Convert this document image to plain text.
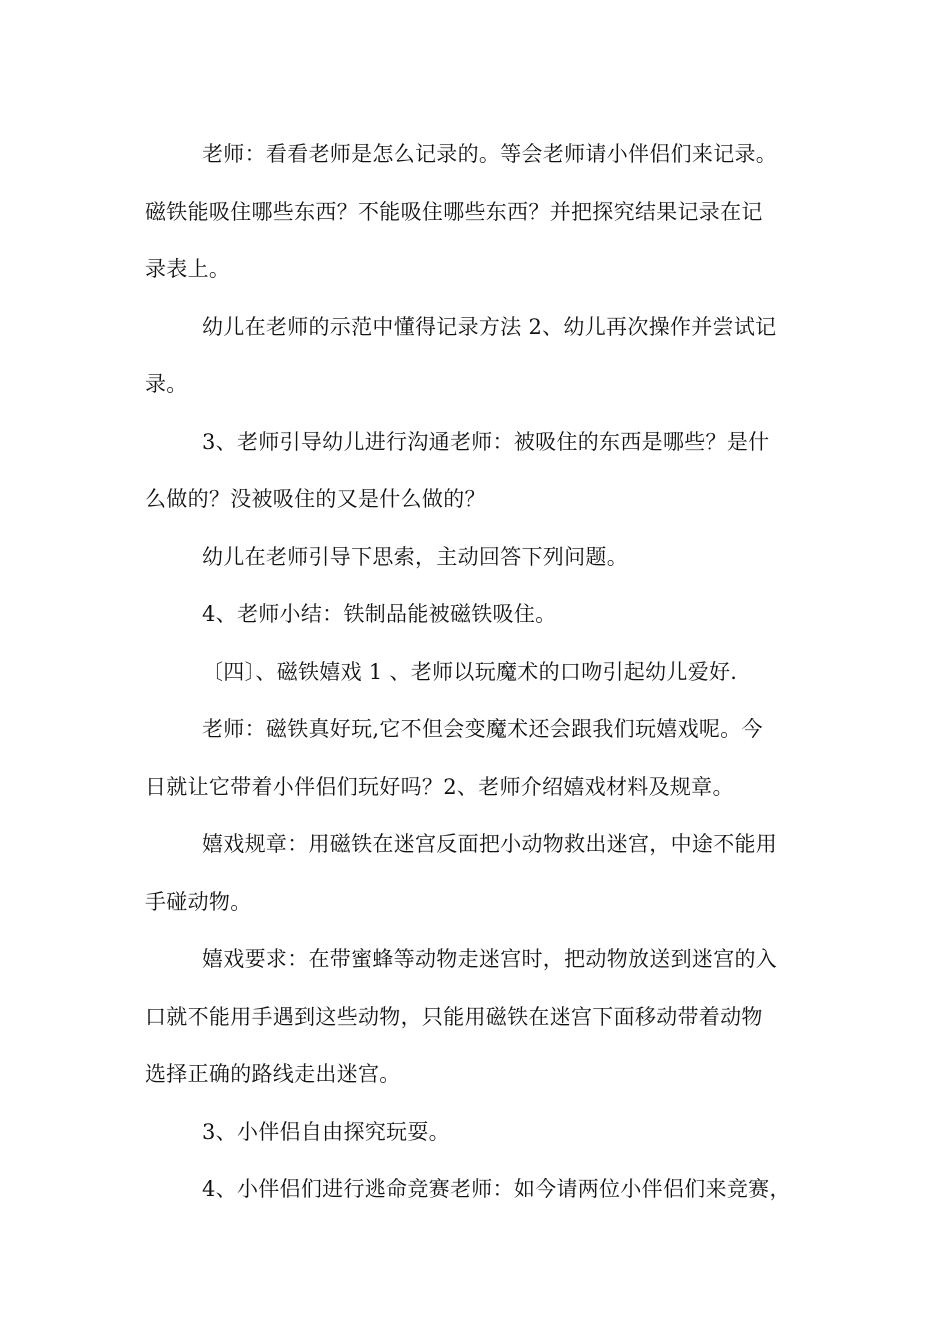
老师：看看老师是怎么记录的。等会老师请小伴侣们来记录。
磁铁能吸住哪些东西？不能吸住哪些东西？并把探究结果记录在记
录表上。
幼儿在老师的示范中懂得记录方法 2、幼儿再次操作并尝试记
录。
3、老师引导幼儿进行沟通老师：被吸住的东西是哪些？是什
么做的？没被吸住的又是什么做的？
幼儿在老师引导下思索，主动回答下列问题。
4、老师小结：铁制品能被磁铁吸住。
〔四〕、磁铁嬉戏 1 、老师以玩魔术的口吻引起幼儿爱好.
老师：磁铁真好玩,它不但会变魔术还会跟我们玩嬉戏呢。今
日就让它带着小伴侣们玩好吗？2、老师介绍嬉戏材料及规章。
嬉戏规章：用磁铁在迷宫反面把小动物救出迷宫，中途不能用
手碰动物。
嬉戏要求：在带蜜蜂等动物走迷宫时，把动物放送到迷宫的入
口就不能用手遇到这些动物，只能用磁铁在迷宫下面移动带着动物
选择正确的路线走出迷宫。
3、小伴侣自由探究玩耍。
4、小伴侣们进行逃命竞赛老师：如今请两位小伴侣们来竞赛，
